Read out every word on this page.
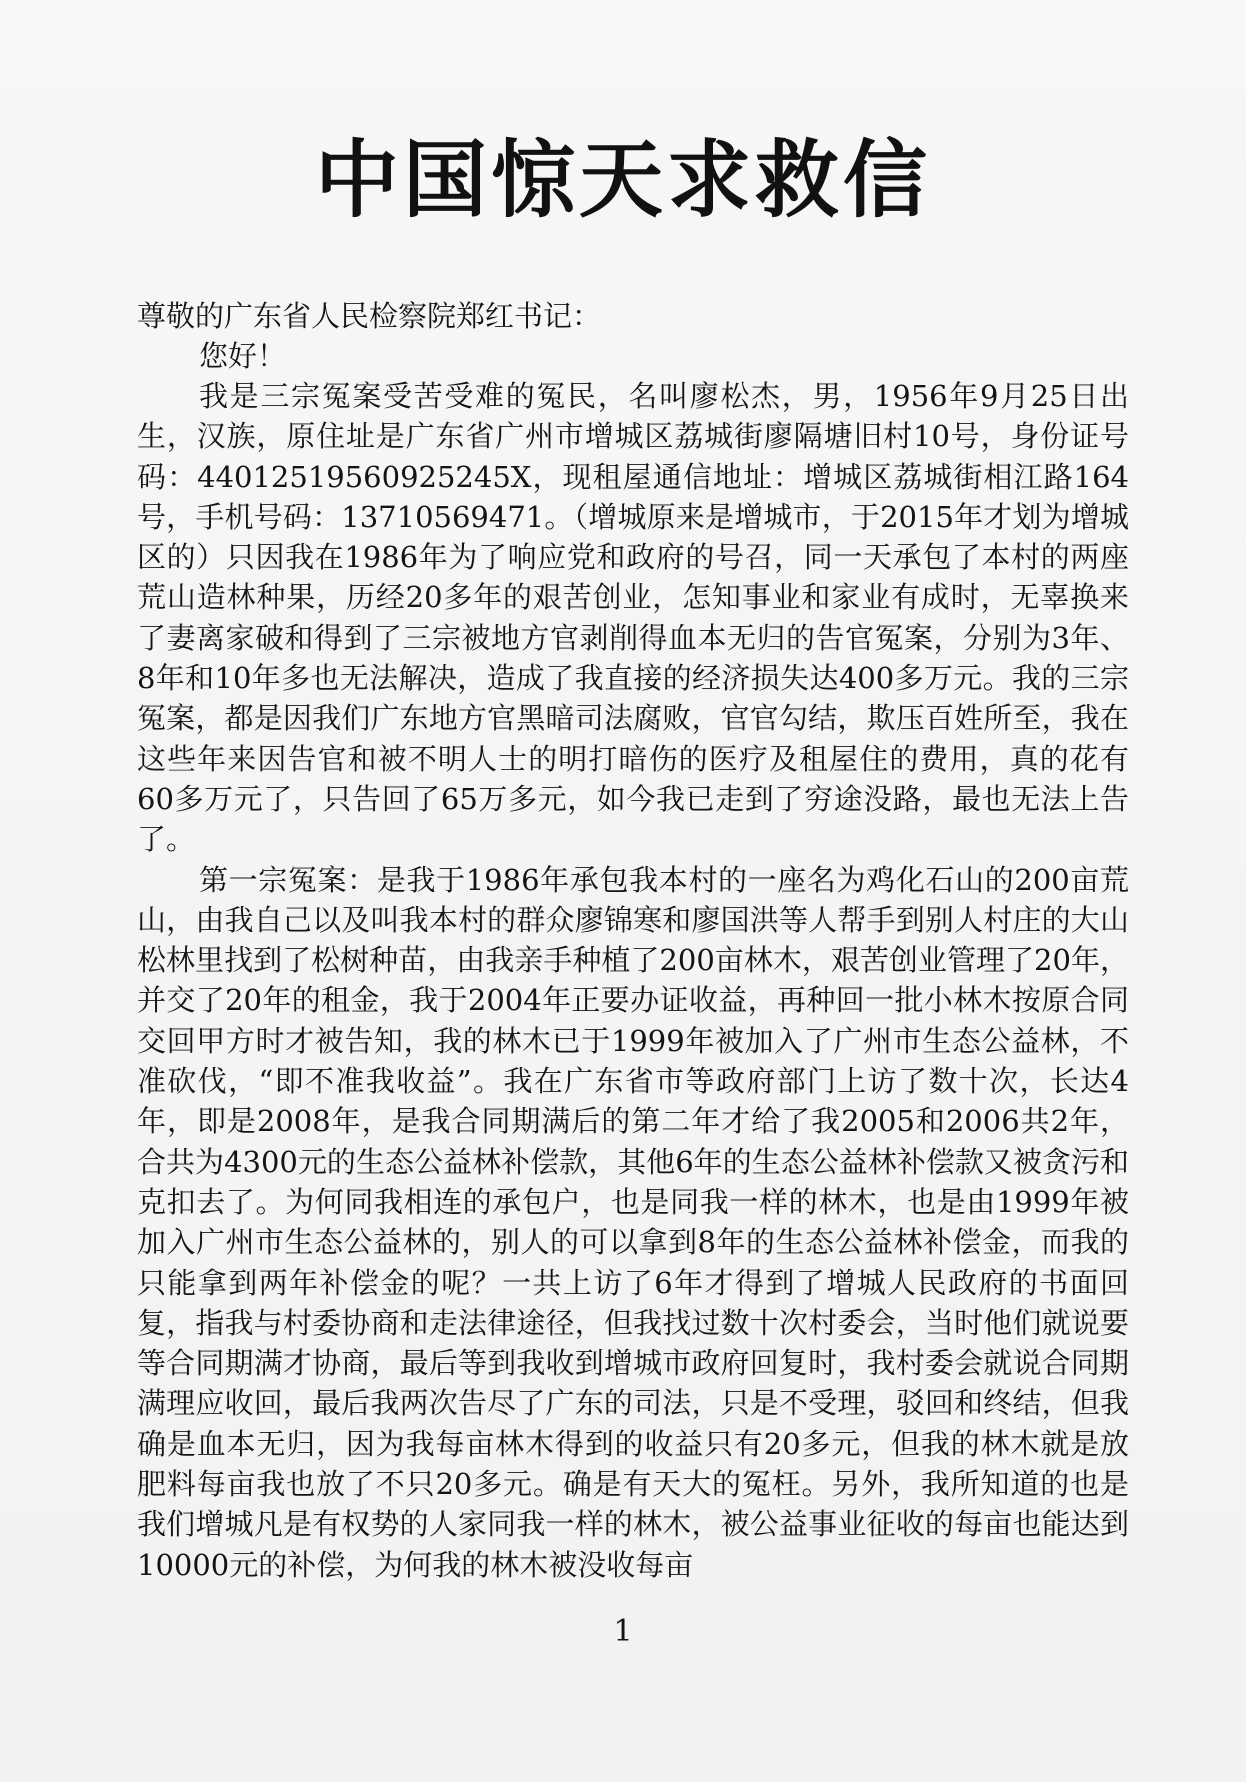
中国惊天求救信
尊敬的广东省人民检察院郑红书记：
您好！

我是三宗冤案受苦受难的冤民，名叫廖松杰，男，1956年9月25日出生，汉族，原住址是广东省广州市增城区荔城街廖隔塘旧村10号，身份证号码：44012519560925245X，现租屋通信地址：增城区荔城街相江路164号，手机号码：13710569471。（增城原来是增城市，于2015年才划为增城区的）只因我在1986年为了响应党和政府的号召，同一天承包了本村的两座荒山造林种果，历经20多年的艰苦创业，怎知事业和家业有成时，无辜换来了妻离家破和得到了三宗被地方官剥削得血本无归的告官冤案，分别为3年、8年和10年多也无法解决，造成了我直接的经济损失达400多万元。我的三宗冤案，都是因我们广东地方官黑暗司法腐败，官官勾结，欺压百姓所至，我在这些年来因告官和被不明人士的明打暗伤的医疗及租屋住的费用，真的花有60多万元了，只告回了65万多元，如今我已走到了穷途没路，最也无法上告了。

第一宗冤案：是我于1986年承包我本村的一座名为鸡化石山的200亩荒山，由我自己以及叫我本村的群众廖锦寒和廖国洪等人帮手到别人村庄的大山松林里找到了松树种苗，由我亲手种植了200亩林木，艰苦创业管理了20年，并交了20年的租金，我于2004年正要办证收益，再种回一批小林木按原合同交回甲方时才被告知，我的林木已于1999年被加入了广州市生态公益林，不准砍伐，“即不准我收益”。我在广东省市等政府部门上访了数十次，长达4年，即是2008年，是我合同期满后的第二年才给了我2005和2006共2年，合共为4300元的生态公益林补偿款，其他6年的生态公益林补偿款又被贪污和克扣去了。为何同我相连的承包户，也是同我一样的林木，也是由1999年被加入广州市生态公益林的，别人的可以拿到8年的生态公益林补偿金，而我的只能拿到两年补偿金的呢？一共上访了6年才得到了增城人民政府的书面回复，指我与村委协商和走法律途径，但我找过数十次村委会，当时他们就说要等合同期满才协商，最后等到我收到增城市政府回复时，我村委会就说合同期满理应收回，最后我两次告尽了广东的司法，只是不受理，驳回和终结，但我确是血本无归，因为我每亩林木得到的收益只有20多元，但我的林木就是放肥料每亩我也放了不只20多元。确是有天大的冤枉。另外，我所知道的也是我们增城凡是有权势的人家同我一样的林木，被公益事业征收的每亩也能达到10000元的补偿，为何我的林木被没收每亩

1
